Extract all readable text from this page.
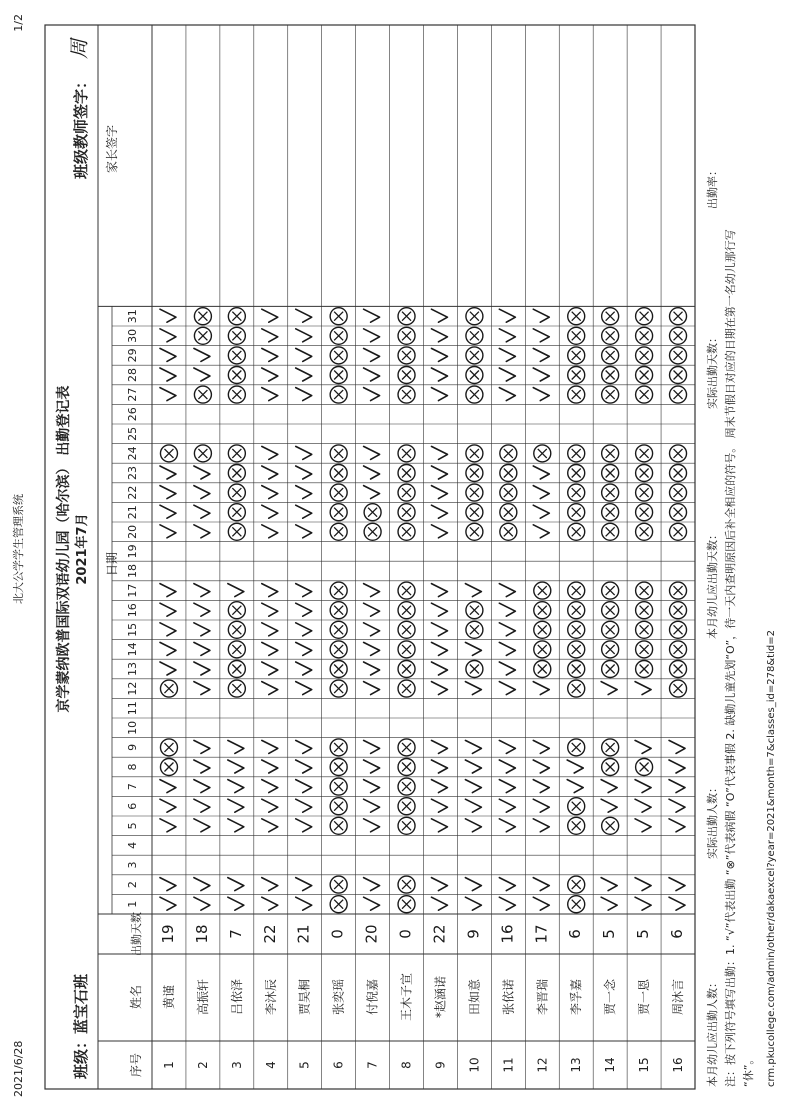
2021/6/28
北大公学学生管理系统
1/2
班级：蓝宝石班
京学蒙纳欧普国际双语幼儿园（哈尔滨） 出勤登记表 2021年7月
班级教师签字：
周
序号
姓名
出勤天数
日期
家长签字
1
2
3
4
5
6
7
8
9
10
11
12
13
14
15
16
17
18
19
20
21
22
23
24
25
26
27
28
29
30
31
1
黄谨
19
2
高振轩
18
3
吕依泽
7
4
李沐辰
22
5
贾昊桐
21
6
张奕瑶
0
7
付倪嘉
20
8
王木子宣
0
9
*赵涵诺
22
10
田如意
9
11
张依诺
16
12
李晋瑞
17
13
李孚嘉
6
14
贾一念
5
15
贾一恩
5
16
周沐言
6
本月幼儿应出勤人数：
实际出勤人数：
本月幼儿应出勤天数：
实际出勤天数：
出勤率：
注：按下列符号填写出勤：1. “√”代表出勤 “⊗”代表病假 “O”代表事假 2. 缺勤儿童先划“O”，待一天内查明原因后补全相应的符号。 周末节假日对应的日期在第一名幼儿那行写 “休”。 crm.pkucollege.com/admin/other/dakaexcel?year=2021&month=7&classes_id=278&tid=2
